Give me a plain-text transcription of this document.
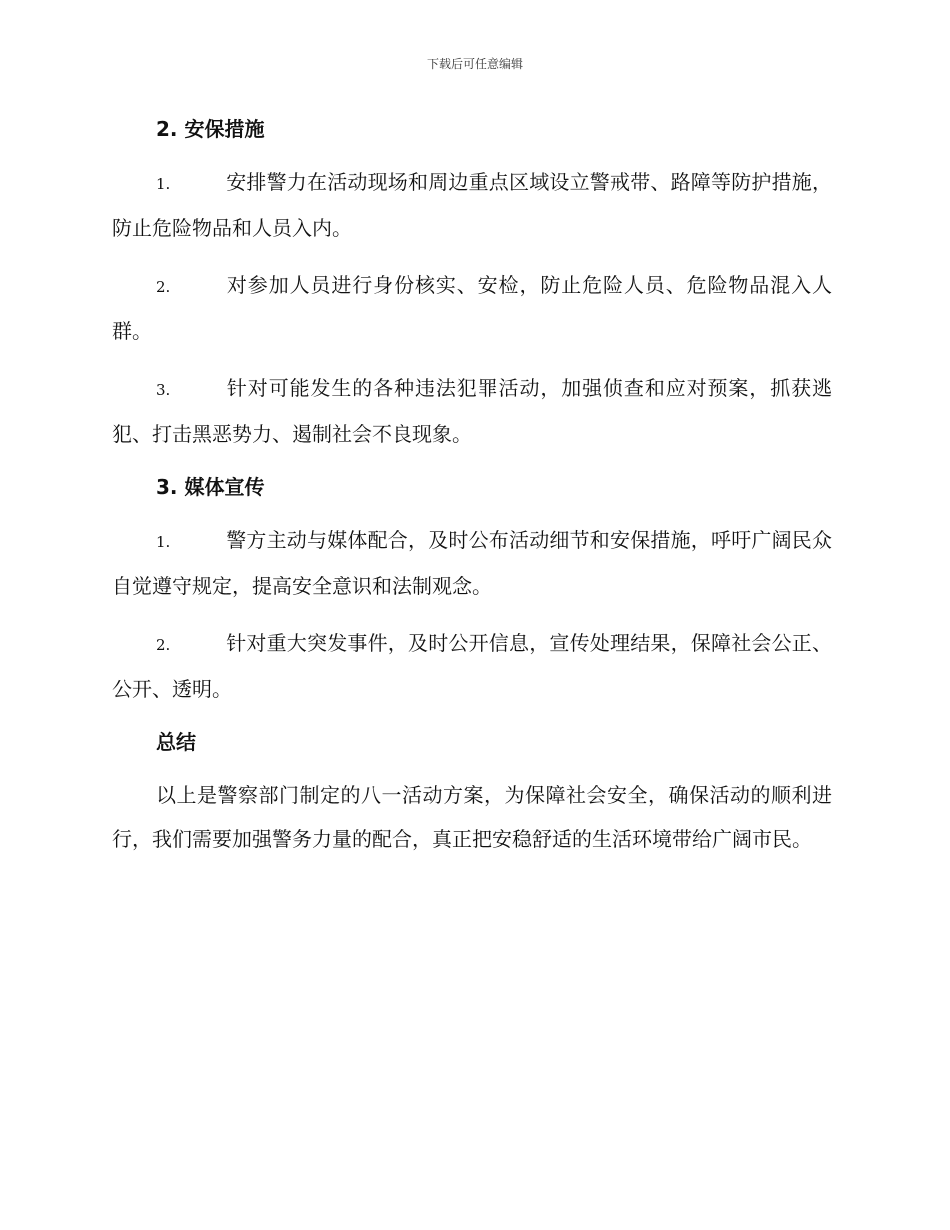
下载后可任意编辑
2. 安保措施

1.	安排警力在活动现场和周边重点区域设立警戒带、路障等防护措施，防止危险物品和人员入内。

2.	对参加人员进行身份核实、安检，防止危险人员、危险物品混入人群。

3.	针对可能发生的各种违法犯罪活动，加强侦查和应对预案，抓获逃犯、打击黑恶势力、遏制社会不良现象。

3. 媒体宣传

1.	警方主动与媒体配合，及时公布活动细节和安保措施，呼吁广阔民众自觉遵守规定，提高安全意识和法制观念。

2.	针对重大突发事件，及时公开信息，宣传处理结果，保障社会公正、公开、透明。

总结

以上是警察部门制定的八一活动方案，为保障社会安全，确保活动的顺利进行，我们需要加强警务力量的配合，真正把安稳舒适的生活环境带给广阔市民。
